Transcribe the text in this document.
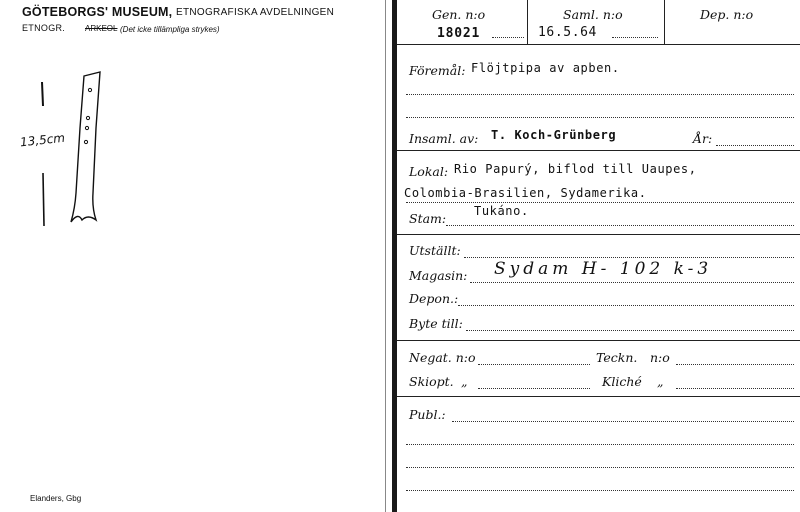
GÖTEBORGS' MUSEUM, ETNOGRAFISKA AVDELNINGEN
ETNOGR. ARKEOL (Det icke tillämpliga strykes)
13,5cm
Elanders, Gbg
Gen. n:o
18021
Saml. n:o
16.5.64
Dep. n:o
Föremål: Flöjtpipa av apben.
Insaml. av: T. Koch-Grünberg	År:
Lokal: Rio Papurý, biflod till Uaupes,
Colombia-Brasilien, Sydamerika.
Stam: Tukáno.
Utställt:
Magasin: Sydam H- 102 k-3
Depon.:
Byte till:
Negat. n:o	Teckn. n:o
Skiopt. „	Kliché „
Publ.:
